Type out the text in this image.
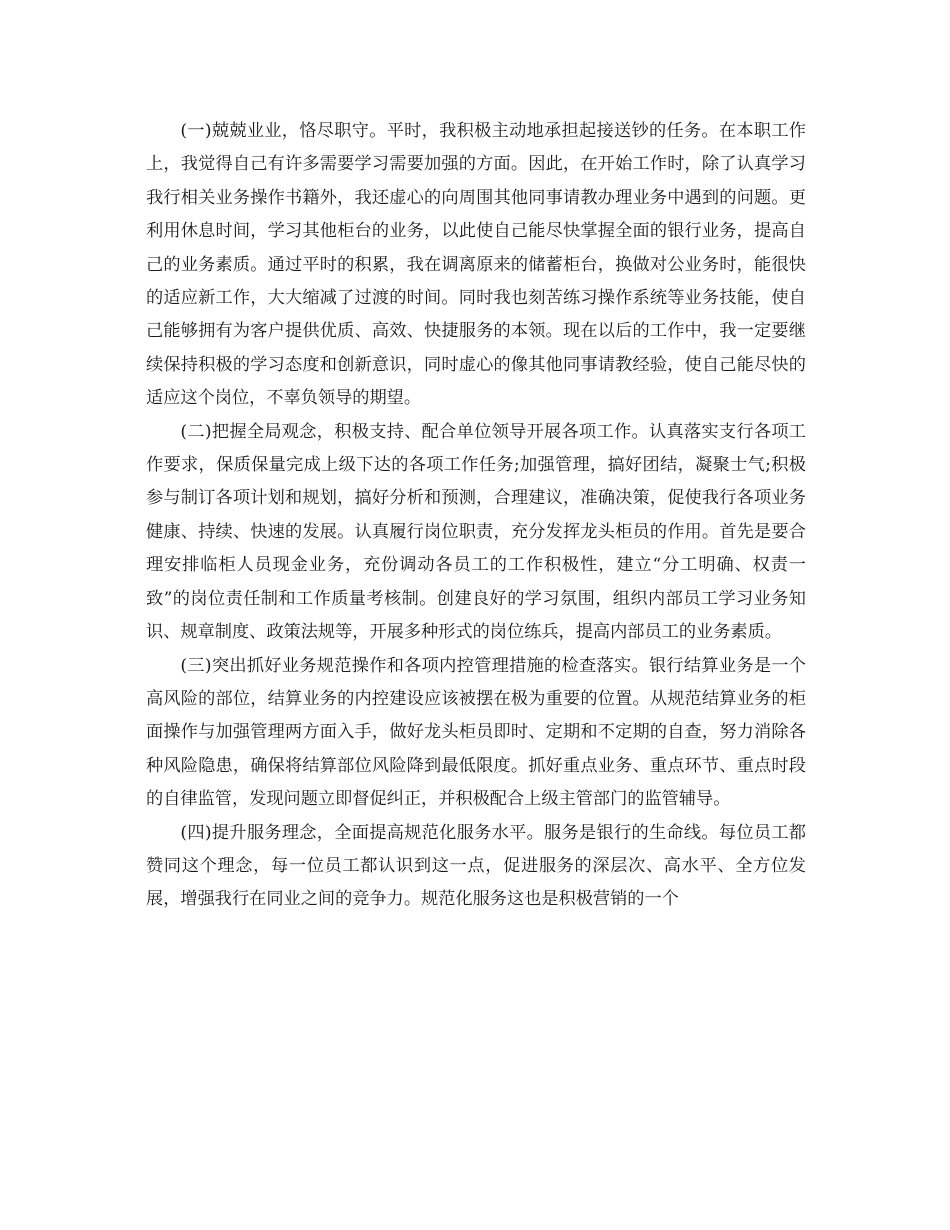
(一)兢兢业业，恪尽职守。平时，我积极主动地承担起接送钞的任务。在本职工作上，我觉得自己有许多需要学习需要加强的方面。因此，在开始工作时，除了认真学习我行相关业务操作书籍外，我还虚心的向周围其他同事请教办理业务中遇到的问题。更利用休息时间，学习其他柜台的业务，以此使自己能尽快掌握全面的银行业务，提高自己的业务素质。通过平时的积累，我在调离原来的储蓄柜台，换做对公业务时，能很快的适应新工作，大大缩减了过渡的时间。同时我也刻苦练习操作系统等业务技能，使自己能够拥有为客户提供优质、高效、快捷服务的本领。现在以后的工作中，我一定要继续保持积极的学习态度和创新意识，同时虚心的像其他同事请教经验，使自己能尽快的适应这个岗位，不辜负领导的期望。

(二)把握全局观念，积极支持、配合单位领导开展各项工作。认真落实支行各项工作要求，保质保量完成上级下达的各项工作任务;加强管理，搞好团结，凝聚士气;积极参与制订各项计划和规划，搞好分析和预测，合理建议，准确决策，促使我行各项业务健康、持续、快速的发展。认真履行岗位职责，充分发挥龙头柜员的作用。首先是要合理安排临柜人员现金业务，充份调动各员工的工作积极性，建立“分工明确、权责一致”的岗位责任制和工作质量考核制。创建良好的学习氛围，组织内部员工学习业务知识、规章制度、政策法规等，开展多种形式的岗位练兵，提高内部员工的业务素质。

(三)突出抓好业务规范操作和各项内控管理措施的检查落实。银行结算业务是一个高风险的部位，结算业务的内控建设应该被摆在极为重要的位置。从规范结算业务的柜面操作与加强管理两方面入手，做好龙头柜员即时、定期和不定期的自查，努力消除各种风险隐患，确保将结算部位风险降到最低限度。抓好重点业务、重点环节、重点时段的自律监管，发现问题立即督促纠正，并积极配合上级主管部门的监管辅导。

(四)提升服务理念，全面提高规范化服务水平。服务是银行的生命线。每位员工都赞同这个理念，每一位员工都认识到这一点，促进服务的深层次、高水平、全方位发展，增强我行在同业之间的竞争力。规范化服务这也是积极营销的一个
